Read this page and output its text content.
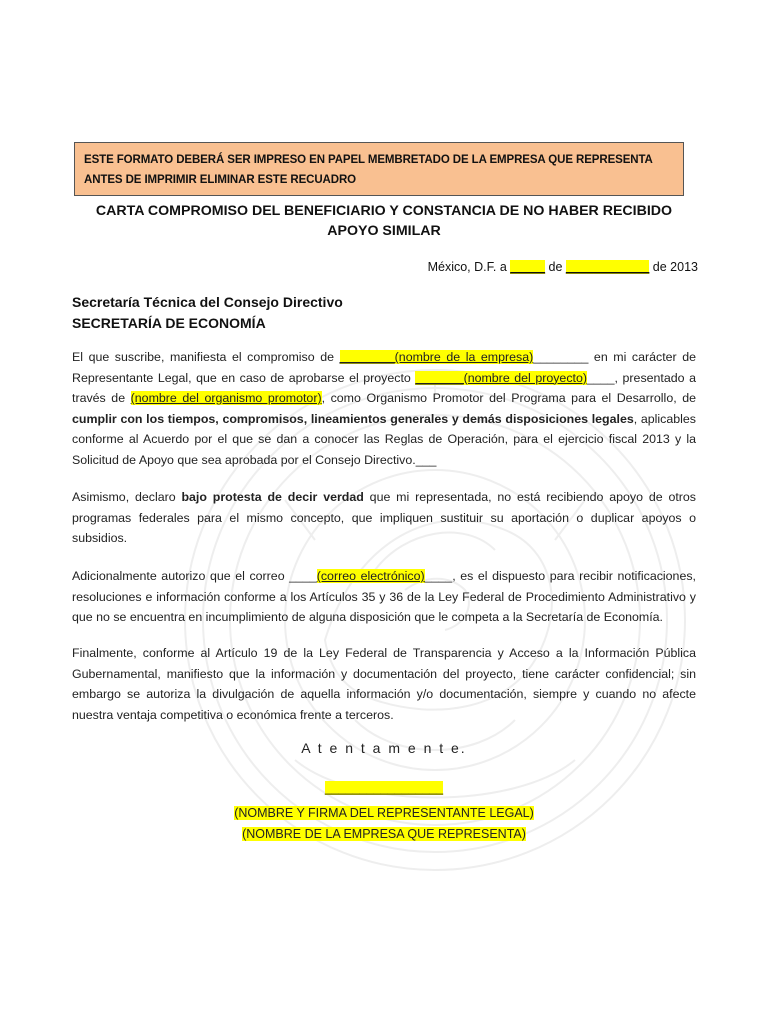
ESTE FORMATO DEBERÁ SER IMPRESO EN PAPEL MEMBRETADO DE LA EMPRESA QUE REPRESENTA
ANTES DE IMPRIMIR ELIMINAR ESTE RECUADRO
CARTA COMPROMISO DEL BENEFICIARIO Y CONSTANCIA DE NO HABER RECIBIDO
APOYO SIMILAR
México, D.F. a _____ de ____________ de 2013
Secretaría Técnica del Consejo Directivo
SECRETARÍA DE ECONOMÍA
El que suscribe, manifiesta el compromiso de ________(nombre de la empresa)________ en mi carácter de Representante Legal, que en caso de aprobarse el proyecto _______(nombre del proyecto)____, presentado a través de (nombre del organismo promotor), como Organismo Promotor del Programa para el Desarrollo, de cumplir con los tiempos, compromisos, lineamientos generales y demás disposiciones legales, aplicables conforme al Acuerdo por el que se dan a conocer las Reglas de Operación, para el ejercicio fiscal 2013 y la Solicitud de Apoyo que sea aprobada por el Consejo Directivo.___
Asimismo, declaro bajo protesta de decir verdad que mi representada, no está recibiendo apoyo de otros programas federales para el mismo concepto, que impliquen sustituir su aportación o duplicar apoyos o subsidios.
Adicionalmente autorizo que el correo ____(correo electrónico)____, es el dispuesto para recibir notificaciones, resoluciones e información conforme a los Artículos 35 y 36 de la Ley Federal de Procedimiento Administrativo y que no se encuentra en incumplimiento de alguna disposición que le competa a la Secretaría de Economía.
Finalmente, conforme al Artículo 19 de la Ley Federal de Transparencia y Acceso a la Información Pública Gubernamental, manifiesto que la información y documentación del proyecto, tiene carácter confidencial; sin embargo se autoriza la divulgación de aquella información y/o documentación, siempre y cuando no afecte nuestra ventaja competitiva o económica frente a terceros.
A t e n t a m e n t e.
_________________
(NOMBRE Y FIRMA DEL REPRESENTANTE LEGAL)
(NOMBRE DE LA EMPRESA QUE REPRESENTA)
